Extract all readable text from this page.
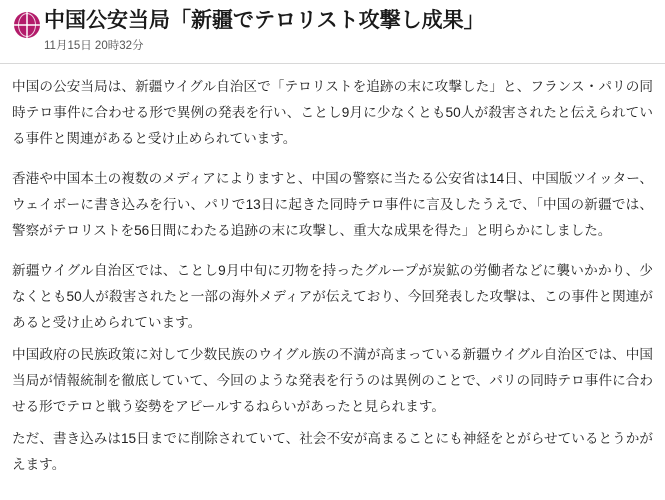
中国公安当局「新疆でテロリスト攻撃し成果」
11月15日 20時32分

中国の公安当局は、新疆ウイグル自治区で「テロリストを追跡の末に攻撃した」と、フランス・パリの同時テロ事件に合わせる形で異例の発表を行い、ことし9月に少なくとも50人が殺害されたと伝えられている事件と関連があると受け止められています。

香港や中国本土の複数のメディアによりますと、中国の警察に当たる公安省は14日、中国版ツイッター、ウェイボーに書き込みを行い、パリで13日に起きた同時テロ事件に言及したうえで、「中国の新疆では、警察がテロリストを56日間にわたる追跡の末に攻撃し、重大な成果を得た」と明らかにしました。

新疆ウイグル自治区では、ことし9月中旬に刃物を持ったグループが炭鉱の労働者などに襲いかかり、少なくとも50人が殺害されたと一部の海外メディアが伝えており、今回発表した攻撃は、この事件と関連があると受け止められています。

中国政府の民族政策に対して少数民族のウイグル族の不満が高まっている新疆ウイグル自治区では、中国当局が情報統制を徹底していて、今回のような発表を行うのは異例のことで、パリの同時テロ事件に合わせる形でテロと戦う姿勢をアピールするねらいがあったと見られます。

ただ、書き込みは15日までに削除されていて、社会不安が高まることにも神経をとがらせているとうかがえます。
